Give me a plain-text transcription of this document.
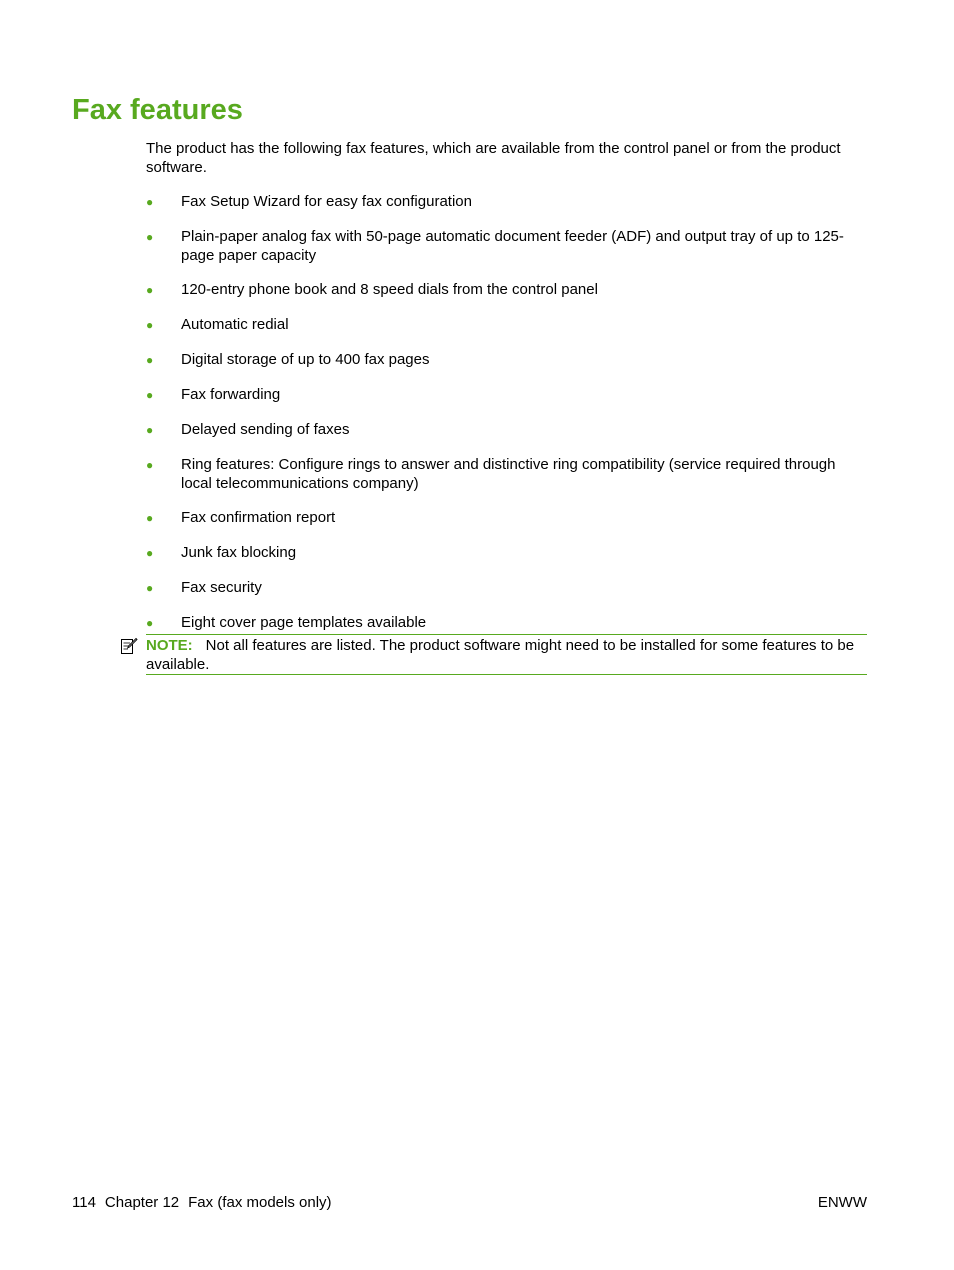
Fax features

The product has the following fax features, which are available from the control panel or from the product software.

●	Fax Setup Wizard for easy fax configuration
●	Plain-paper analog fax with 50-page automatic document feeder (ADF) and output tray of up to 125-page paper capacity
●	120-entry phone book and 8 speed dials from the control panel
●	Automatic redial
●	Digital storage of up to 400 fax pages
●	Fax forwarding
●	Delayed sending of faxes
●	Ring features: Configure rings to answer and distinctive ring compatibility (service required through local telecommunications company)
●	Fax confirmation report
●	Junk fax blocking
●	Fax security
●	Eight cover page templates available
NOTE: Not all features are listed. The product software might need to be installed for some features to be available.
114 Chapter 12 Fax (fax models only)	ENWW
